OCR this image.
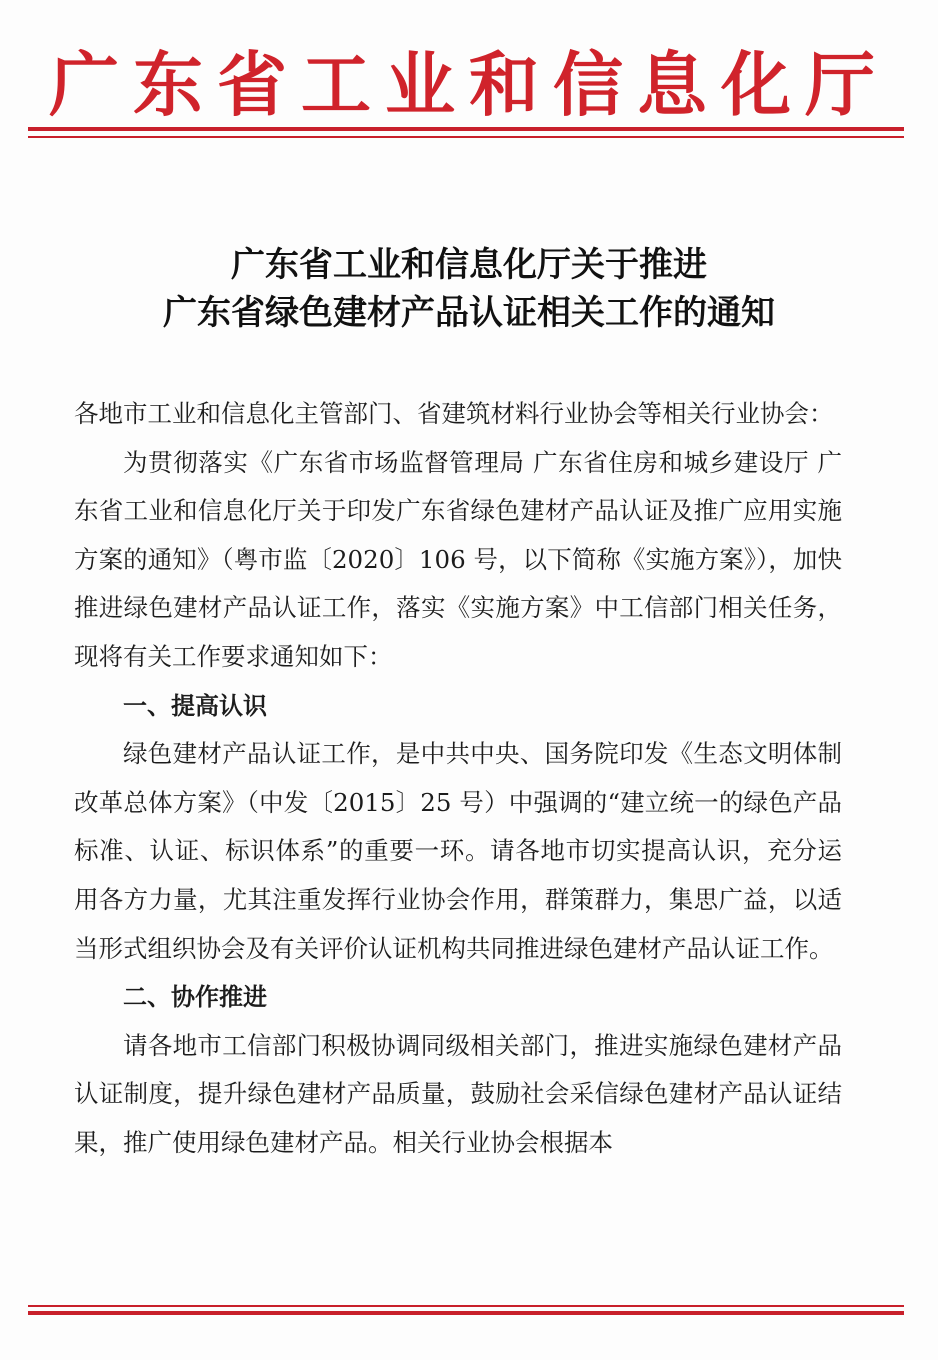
广东省工业和信息化厅
广东省工业和信息化厅关于推进
广东省绿色建材产品认证相关工作的通知

各地市工业和信息化主管部门、省建筑材料行业协会等相关行业协会：

为贯彻落实《广东省市场监督管理局 广东省住房和城乡建设厅 广东省工业和信息化厅关于印发广东省绿色建材产品认证及推广应用实施方案的通知》（粤市监〔2020〕106 号，以下简称《实施方案》），加快推进绿色建材产品认证工作，落实《实施方案》中工信部门相关任务，现将有关工作要求通知如下：

一、提高认识

绿色建材产品认证工作，是中共中央、国务院印发《生态文明体制改革总体方案》（中发〔2015〕25 号）中强调的“建立统一的绿色产品标准、认证、标识体系”的重要一环。请各地市切实提高认识，充分运用各方力量，尤其注重发挥行业协会作用，群策群力，集思广益，以适当形式组织协会及有关评价认证机构共同推进绿色建材产品认证工作。

二、协作推进

请各地市工信部门积极协调同级相关部门，推进实施绿色建材产品认证制度，提升绿色建材产品质量，鼓励社会采信绿色建材产品认证结果，推广使用绿色建材产品。相关行业协会根据本
